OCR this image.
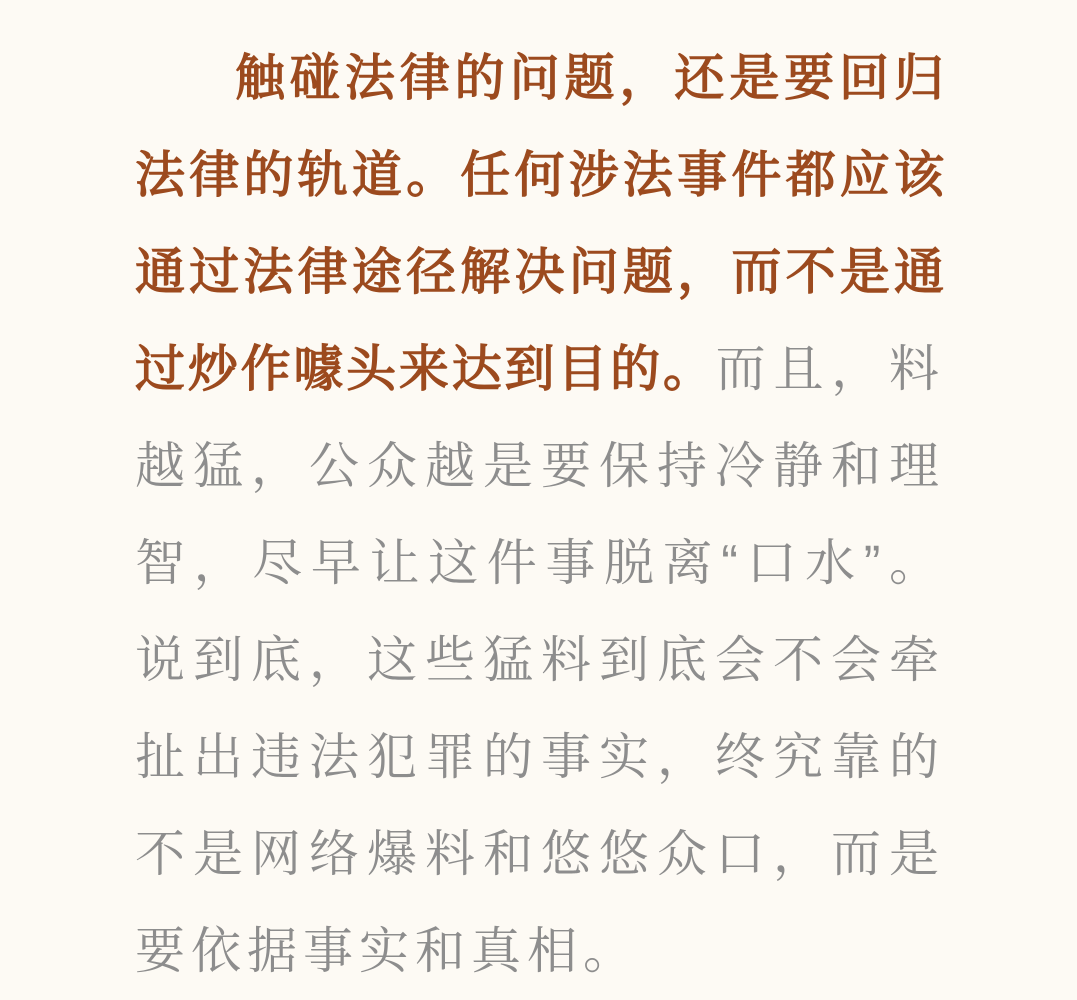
触碰法律的问题，还是要回归法律的轨道。任何涉法事件都应该通过法律途径解决问题，而不是通过炒作噱头来达到目的。而且，料越猛，公众越是要保持冷静和理智，尽早让这件事脱离“口水”。说到底，这些猛料到底会不会牵扯出违法犯罪的事实，终究靠的不是网络爆料和悠悠众口，而是要依据事实和真相。
